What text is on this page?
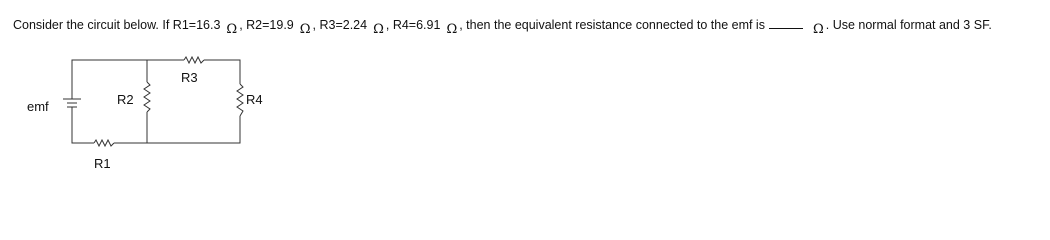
Consider the circuit below. If R1=16.3 Ω , R2=19.9 Ω , R3=2.24 Ω , R4=6.91 Ω , then the equivalent resistance connected to the emf is	Ω . Use normal format and 3 SF.
emf
R1
R2
R3
R4
